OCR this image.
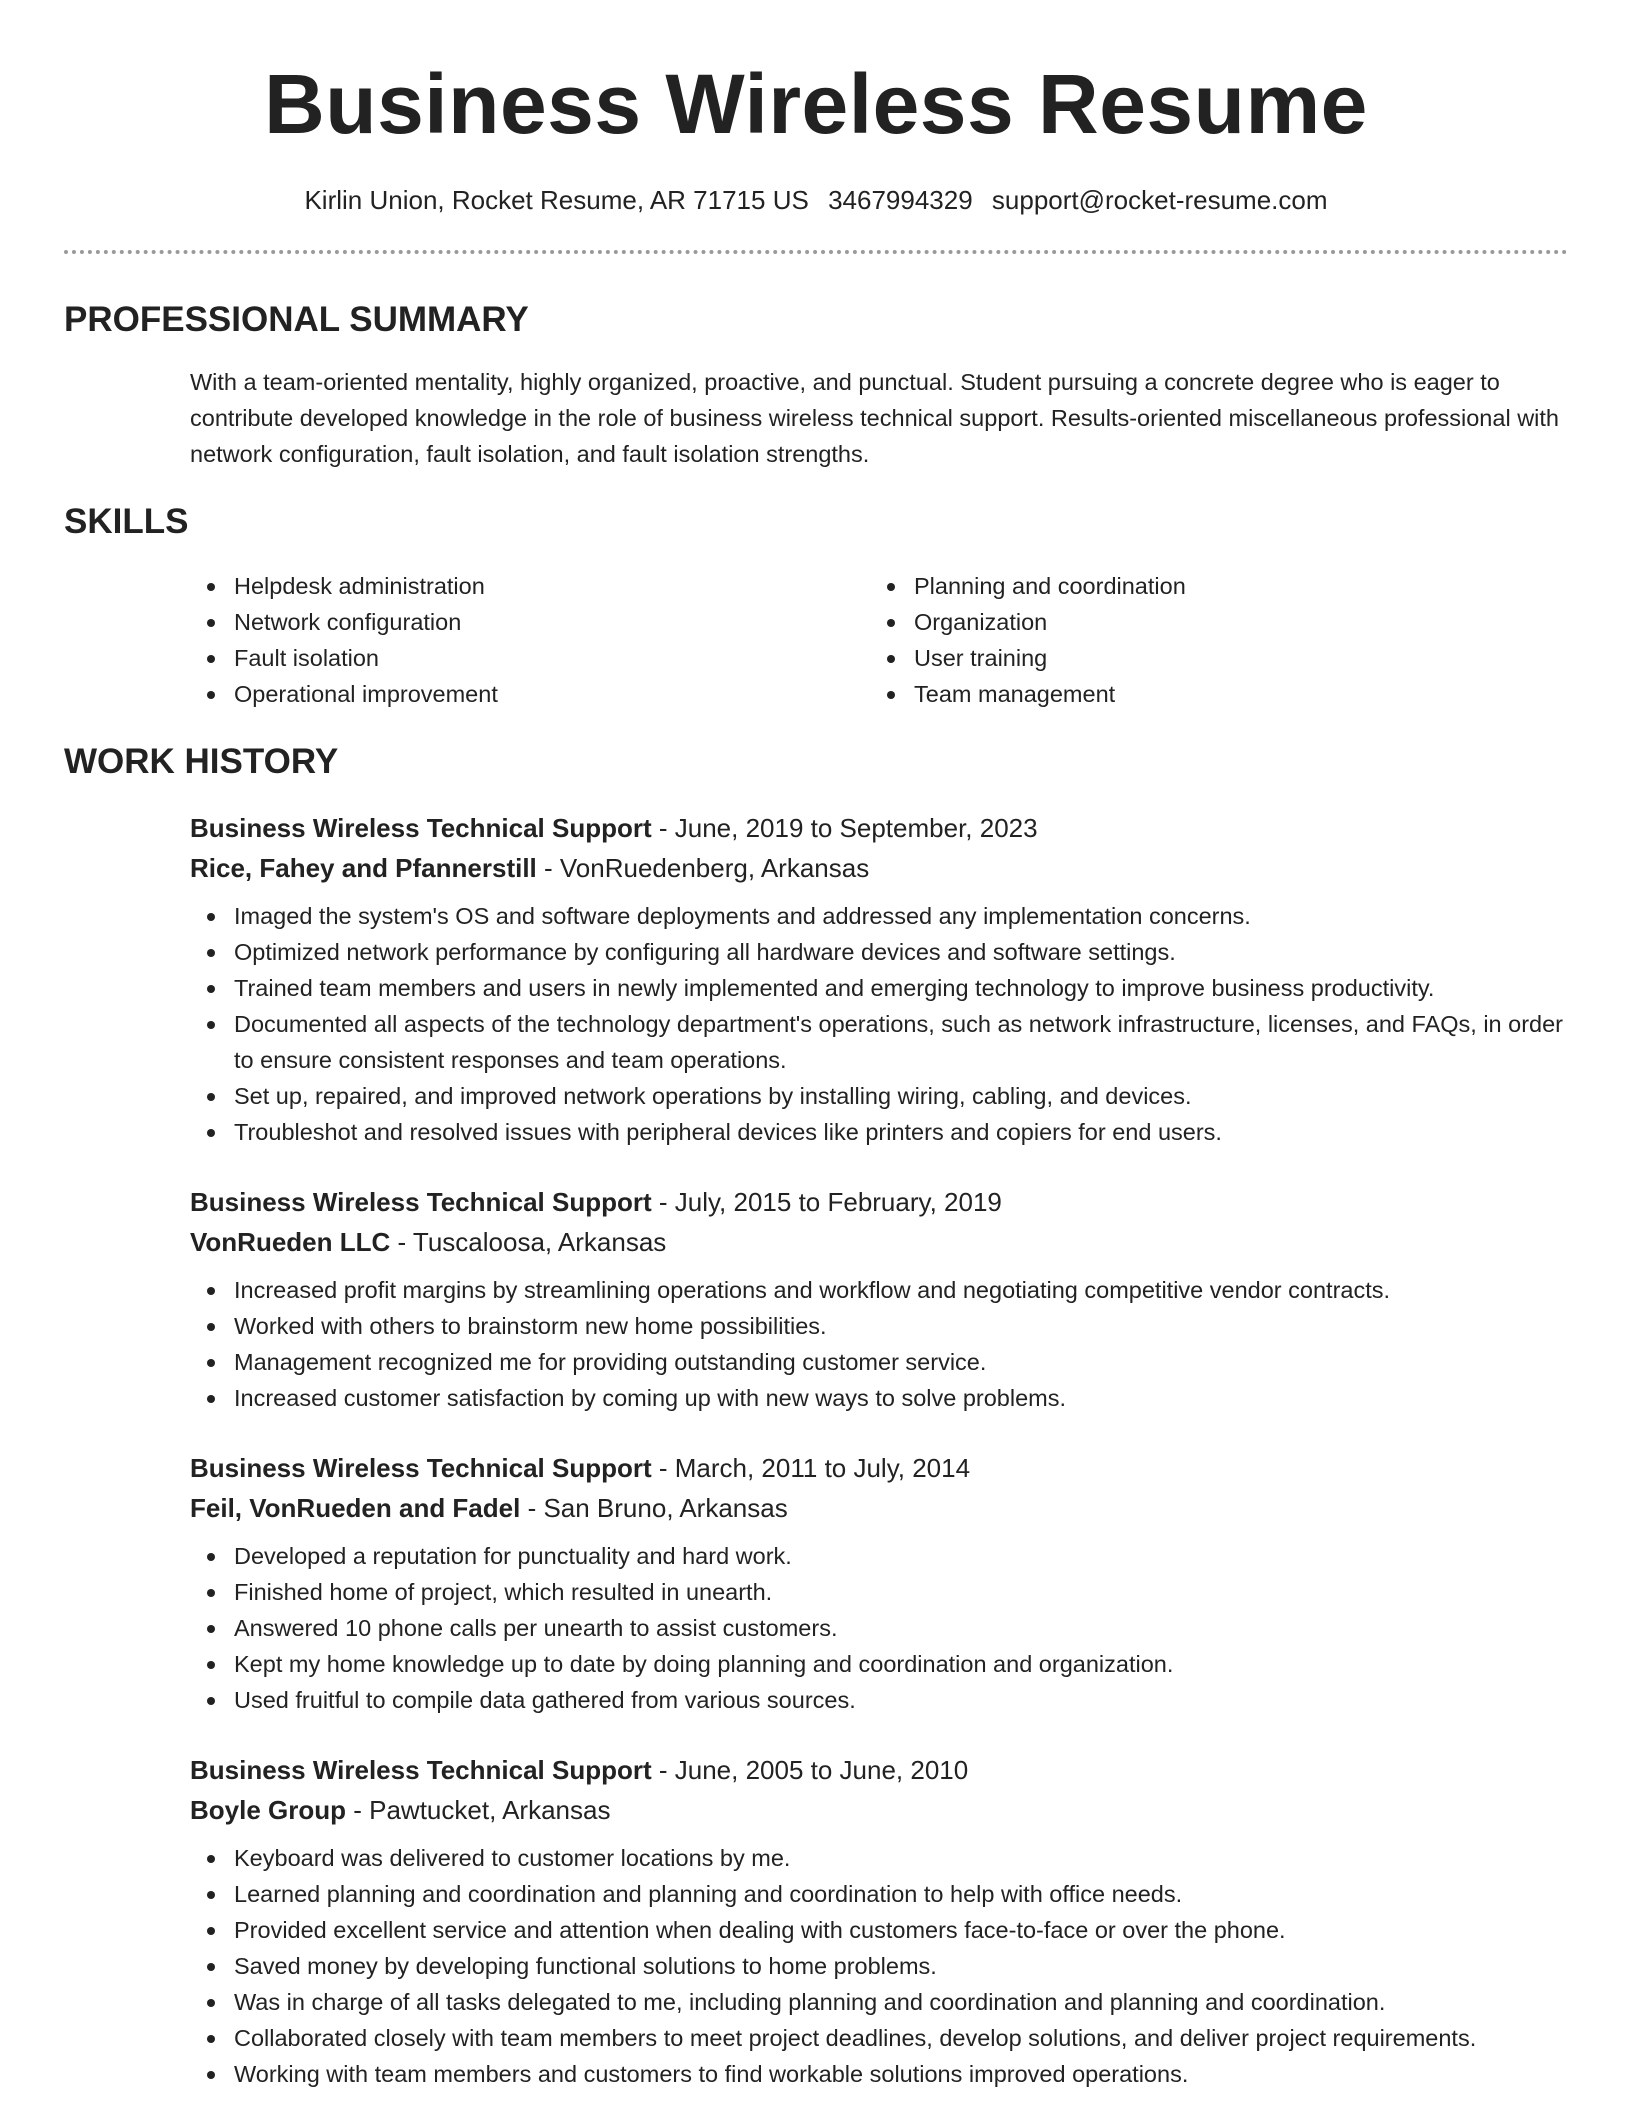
Business Wireless Resume
Kirlin Union, Rocket Resume, AR 71715 US 3467994329 support@rocket-resume.com
PROFESSIONAL SUMMARY

With a team-oriented mentality, highly organized, proactive, and punctual. Student pursuing a concrete degree who is eager to contribute developed knowledge in the role of business wireless technical support. Results-oriented miscellaneous professional with network configuration, fault isolation, and fault isolation strengths.

SKILLS
Helpdesk administration
Network configuration
Fault isolation
Operational improvement
Planning and coordination
Organization
User training
Team management
WORK HISTORY
Business Wireless Technical Support - June, 2019 to September, 2023
Rice, Fahey and Pfannerstill - VonRuedenberg, Arkansas
Imaged the system's OS and software deployments and addressed any implementation concerns.
Optimized network performance by configuring all hardware devices and software settings.
Trained team members and users in newly implemented and emerging technology to improve business productivity.
Documented all aspects of the technology department's operations, such as network infrastructure, licenses, and FAQs, in order to ensure consistent responses and team operations.
Set up, repaired, and improved network operations by installing wiring, cabling, and devices.
Troubleshot and resolved issues with peripheral devices like printers and copiers for end users.
Business Wireless Technical Support - July, 2015 to February, 2019
VonRueden LLC - Tuscaloosa, Arkansas
Increased profit margins by streamlining operations and workflow and negotiating competitive vendor contracts.
Worked with others to brainstorm new home possibilities.
Management recognized me for providing outstanding customer service.
Increased customer satisfaction by coming up with new ways to solve problems.
Business Wireless Technical Support - March, 2011 to July, 2014
Feil, VonRueden and Fadel - San Bruno, Arkansas
Developed a reputation for punctuality and hard work.
Finished home of project, which resulted in unearth.
Answered 10 phone calls per unearth to assist customers.
Kept my home knowledge up to date by doing planning and coordination and organization.
Used fruitful to compile data gathered from various sources.
Business Wireless Technical Support - June, 2005 to June, 2010
Boyle Group - Pawtucket, Arkansas
Keyboard was delivered to customer locations by me.
Learned planning and coordination and planning and coordination to help with office needs.
Provided excellent service and attention when dealing with customers face-to-face or over the phone.
Saved money by developing functional solutions to home problems.
Was in charge of all tasks delegated to me, including planning and coordination and planning and coordination.
Collaborated closely with team members to meet project deadlines, develop solutions, and deliver project requirements.
Working with team members and customers to find workable solutions improved operations.
